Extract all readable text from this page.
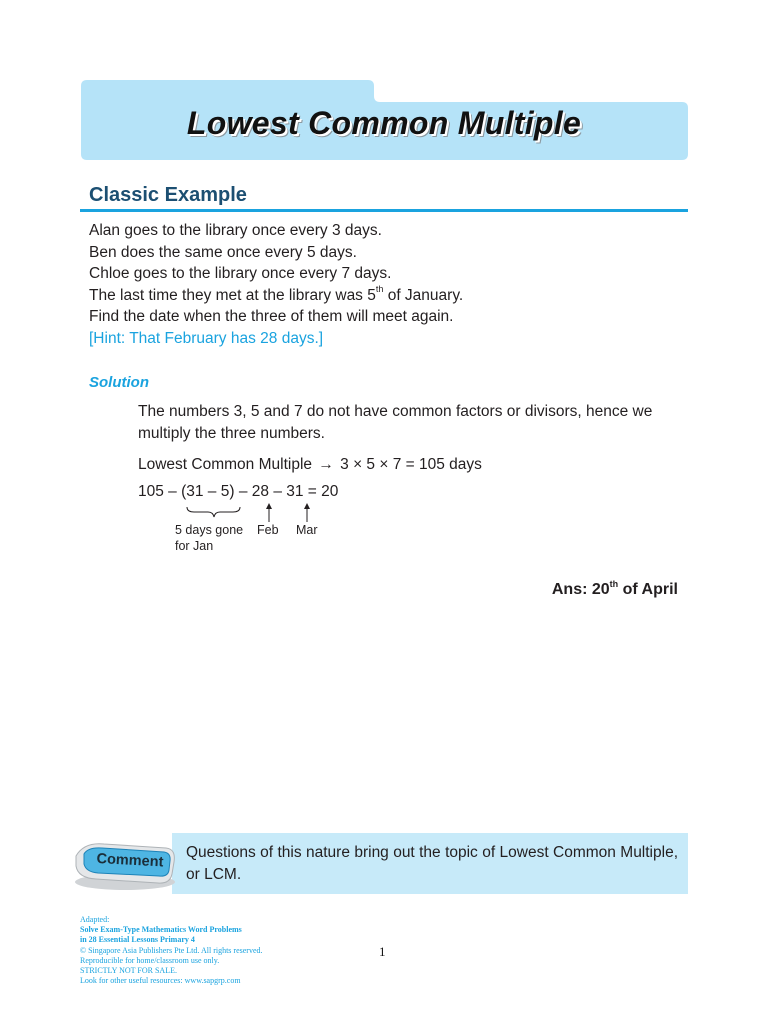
Lowest Common Multiple
Classic Example
Alan goes to the library once every 3 days.
Ben does the same once every 5 days.
Chloe goes to the library once every 7 days.
The last time they met at the library was 5th of January.
Find the date when the three of them will meet again.
[Hint: That February has 28 days.]
Solution
The numbers 3, 5 and 7 do not have common factors or divisors, hence we multiply the three numbers.
Lowest Common Multiple → 3 × 5 × 7 = 105 days
105 – (31 – 5) – 28 – 31 = 20
5 days gone
for Jan
Feb Mar
Ans: 20th of April
Comment Questions of this nature bring out the topic of Lowest Common Multiple, or LCM.
Adapted:
Solve Exam-Type Mathematics Word Problems
in 28 Essential Lessons Primary 4
© Singapore Asia Publishers Pte Ltd. All rights reserved.
Reproducible for home/classroom use only.
STRICTLY NOT FOR SALE.
Look for other useful resources: www.sapgrp.com
1
